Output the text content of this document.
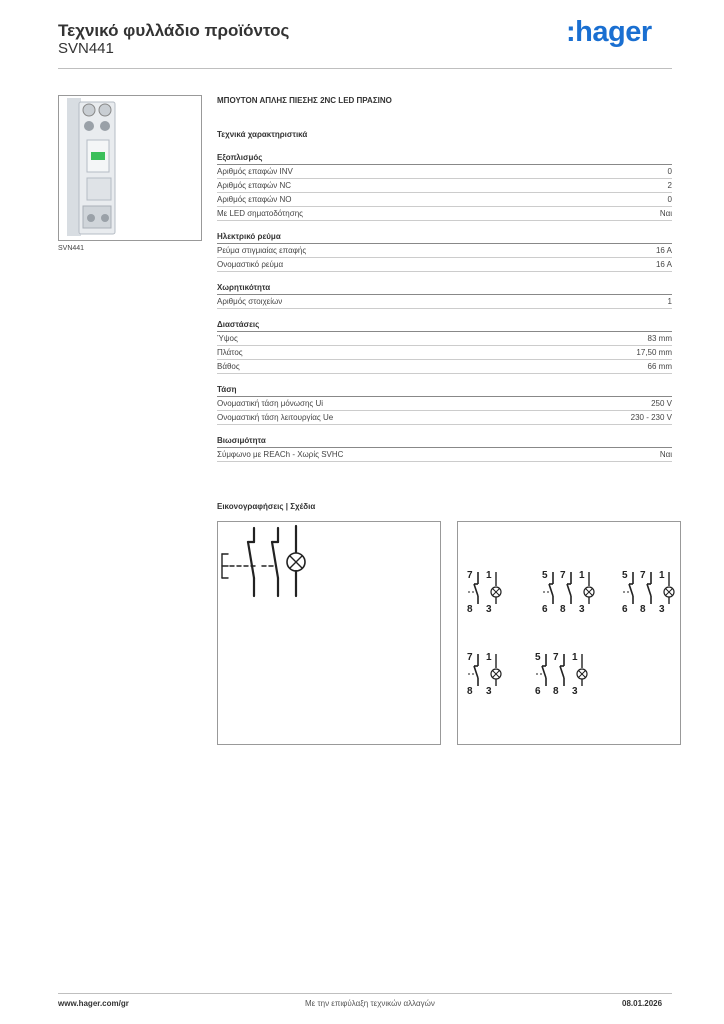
Τεχνικό φυλλάδιο προϊόντος
SVN441
:hager
SVN441
ΜΠΟΥΤΟΝ ΑΠΛΗΣ ΠΙΕΣΗΣ 2NC LED ΠΡΑΣΙΝΟ
Τεχνικά χαρακτηριστικά
Εξοπλισμός
Αριθμός επαφών INV	0
Αριθμός επαφών NC	2
Αριθμός επαφών NO	0
Με LED σηματοδότησης	Ναι
Ηλεκτρικό ρεύμα
Ρεύμα στιγμιαίας επαφής	16 A
Ονομαστικό ρεύμα	16 A
Χωρητικότητα
Αριθμός στοιχείων	1
Διαστάσεις
Ύψος	83 mm
Πλάτος	17,50 mm
Βάθος	66 mm
Τάση
Ονομαστική τάση μόνωσης Ui	250 V
Ονομαστική τάση λειτουργίας Ue	230 - 230 V
Βιωσιμότητα
Σύμφωνο με REACh - Χωρίς SVHC	Ναι
Εικονογραφήσεις | Σχέδια
7
8
1
3
5
6
7
8
1
3
5
6
7
8
1
3
7
8
1
3
5
6
7
8
1
3
www.hager.com/gr	Με την επιφύλαξη τεχνικών αλλαγών	08.01.2026
